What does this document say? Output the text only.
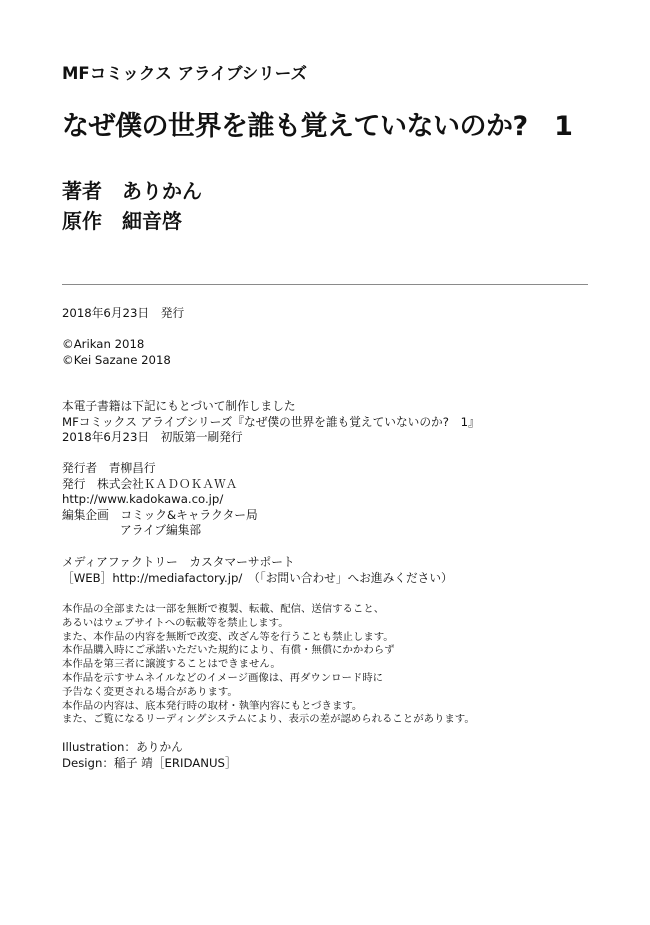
MFコミックス アライブシリーズ

なぜ僕の世界を誰も覚えていないのか?　1

著者 ありかん
原作 細音啓
2018年6月23日　発行
©Arikan 2018
©Kei Sazane 2018
本電子書籍は下記にもとづいて制作しました
MFコミックス アライブシリーズ『なぜ僕の世界を誰も覚えていないのか?　1』
2018年6月23日　初版第一刷発行
発行者　青柳昌行
発行　株式会社ＫＡＤＯＫＡＷＡ
http://www.kadokawa.co.jp/
編集企画　コミック&キャラクター局
アライブ編集部
メディアファクトリー　カスタマーサポート
［WEB］http://mediafactory.jp/　（「お問い合わせ」へお進みください）
本作品の全部または一部を無断で複製、転載、配信、送信すること、
あるいはウェブサイトへの転載等を禁止します。
また、本作品の内容を無断で改変、改ざん等を行うことも禁止します。
本作品購入時にご承諾いただいた規約により、有償・無償にかかわらず
本作品を第三者に譲渡することはできません。
本作品を示すサムネイルなどのイメージ画像は、再ダウンロード時に
予告なく変更される場合があります。
本作品の内容は、底本発行時の取材・執筆内容にもとづきます。
また、ご覧になるリーディングシステムにより、表示の差が認められることがあります。
Illustration：ありかん
Design：稲子 靖［ERIDANUS］
